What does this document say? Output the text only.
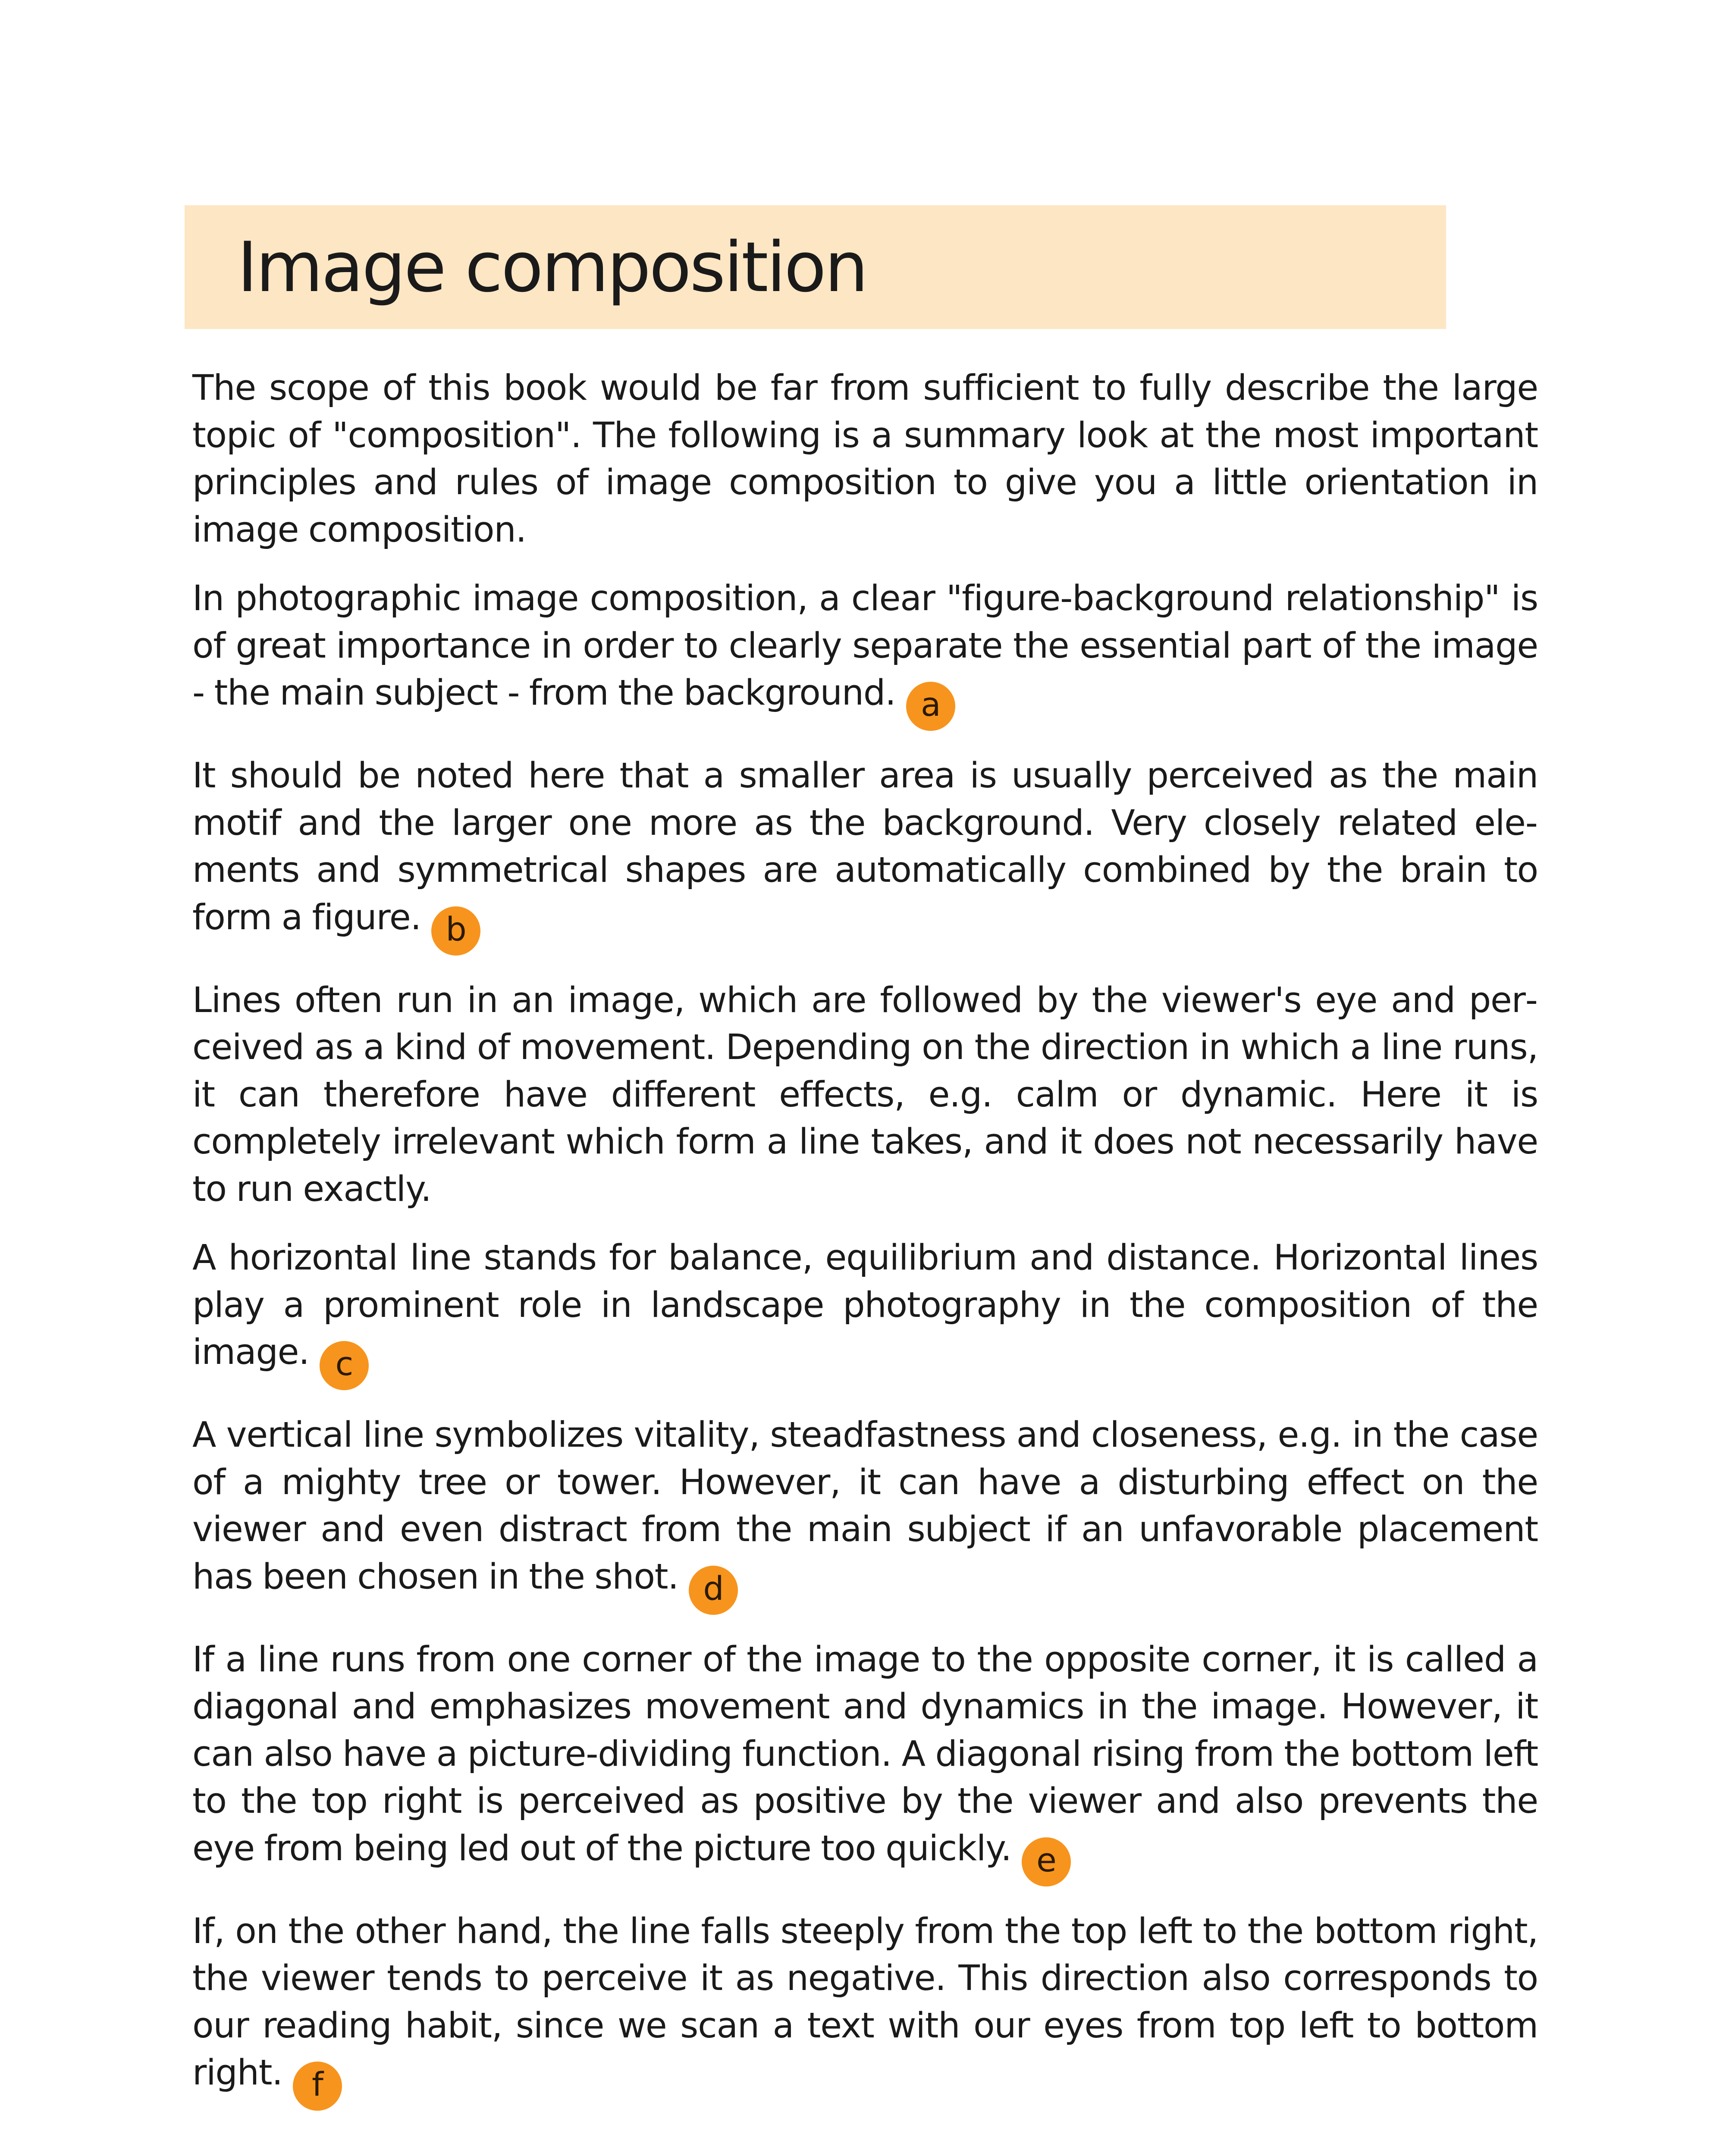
Image composition

The scope of this book would be far from sufficient to fully describe the large topic of "composition". The following is a summary look at the most important principles and rules of image composition to give you a little orientation in image composition.

In photographic image composition, a clear "figure-background relationship" is of great importance in order to clearly separate the essential part of the image - the main subject - from the background. a

It should be noted here that a smaller area is usually perceived as the main motif and the larger one more as the background. Very closely related elements and symmetrical shapes are automatically combined by the brain to form a figure. b

Lines often run in an image, which are followed by the viewer's eye and perceived as a kind of movement. Depending on the direction in which a line runs, it can therefore have different effects, e.g. calm or dynamic. Here it is completely irrelevant which form a line takes, and it does not necessarily have to run exactly.

A horizontal line stands for balance, equilibrium and distance. Horizontal lines play a prominent role in landscape photography in the composition of the image. c

A vertical line symbolizes vitality, steadfastness and closeness, e.g. in the case of a mighty tree or tower. However, it can have a disturbing effect on the viewer and even distract from the main subject if an unfavorable placement has been chosen in the shot. d

If a line runs from one corner of the image to the opposite corner, it is called a diagonal and emphasizes movement and dynamics in the image. However, it can also have a picture-dividing function. A diagonal rising from the bottom left to the top right is perceived as positive by the viewer and also prevents the eye from being led out of the picture too quickly. e

If, on the other hand, the line falls steeply from the top left to the bottom right, the viewer tends to perceive it as negative. This direction also corresponds to our reading habit, since we scan a text with our eyes from top left to bottom right. f
